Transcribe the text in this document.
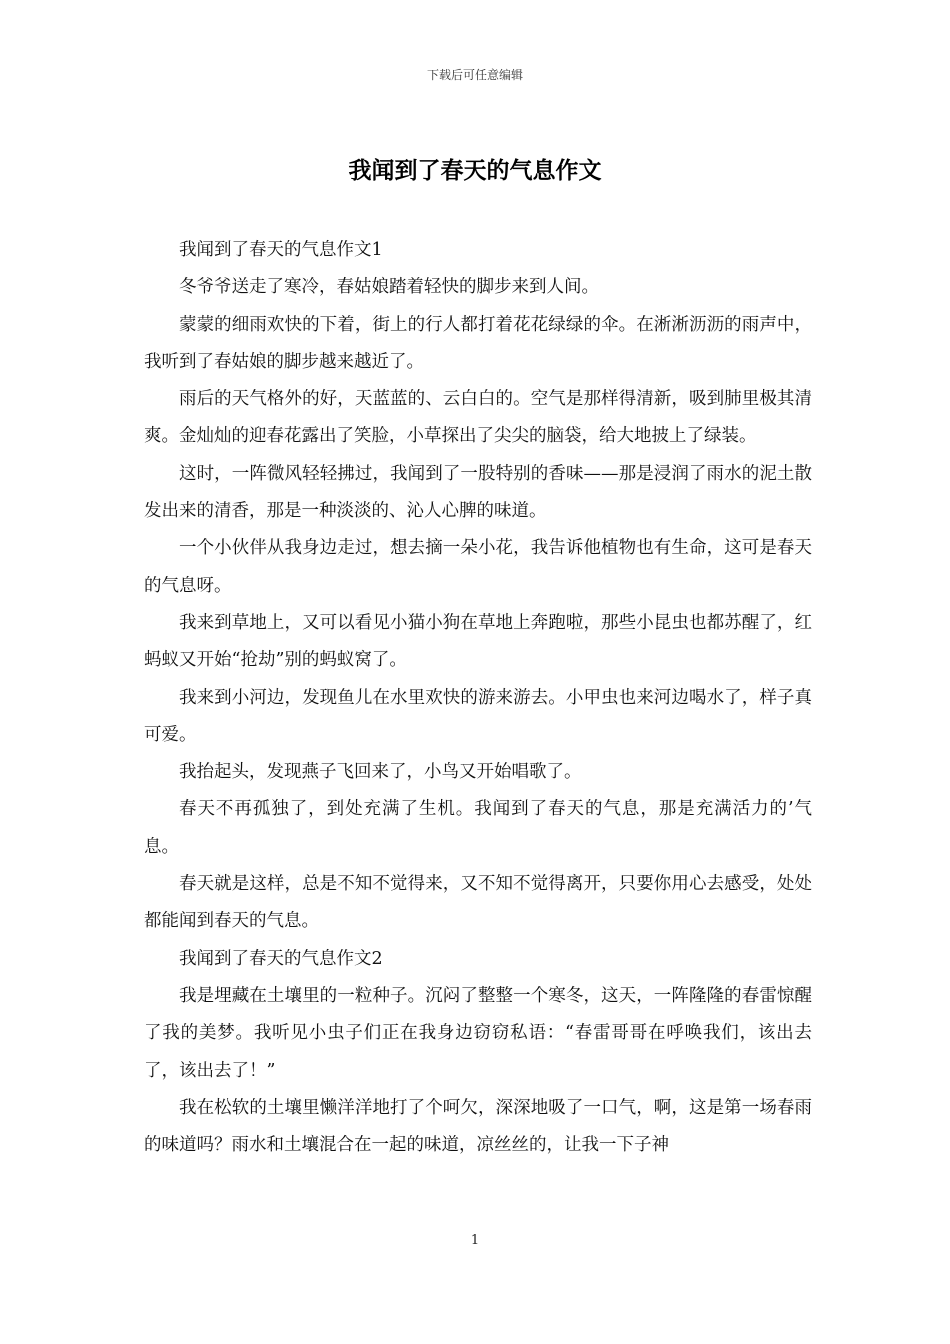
下载后可任意编辑
我闻到了春天的气息作文

我闻到了春天的气息作文1

冬爷爷送走了寒冷，春姑娘踏着轻快的脚步来到人间。

蒙蒙的细雨欢快的下着，街上的行人都打着花花绿绿的伞。在淅淅沥沥的雨声中，我听到了春姑娘的脚步越来越近了。

雨后的天气格外的好，天蓝蓝的、云白白的。空气是那样得清新，吸到肺里极其清爽。金灿灿的迎春花露出了笑脸，小草探出了尖尖的脑袋，给大地披上了绿装。

这时，一阵微风轻轻拂过，我闻到了一股特别的香味——那是浸润了雨水的泥土散发出来的清香，那是一种淡淡的、沁人心脾的味道。

一个小伙伴从我身边走过，想去摘一朵小花，我告诉他植物也有生命，这可是春天的气息呀。

我来到草地上，又可以看见小猫小狗在草地上奔跑啦，那些小昆虫也都苏醒了，红蚂蚁又开始“抢劫”别的蚂蚁窝了。

我来到小河边，发现鱼儿在水里欢快的游来游去。小甲虫也来河边喝水了，样子真可爱。

我抬起头，发现燕子飞回来了，小鸟又开始唱歌了。

春天不再孤独了，到处充满了生机。我闻到了春天的气息，那是充满活力的’气息。

春天就是这样，总是不知不觉得来，又不知不觉得离开，只要你用心去感受，处处都能闻到春天的气息。

我闻到了春天的气息作文2

我是埋藏在土壤里的一粒种子。沉闷了整整一个寒冬，这天，一阵隆隆的春雷惊醒了我的美梦。我听见小虫子们正在我身边窃窃私语：“春雷哥哥在呼唤我们，该出去了，该出去了！”

我在松软的土壤里懒洋洋地打了个呵欠，深深地吸了一口气，啊，这是第一场春雨的味道吗？雨水和土壤混合在一起的味道，凉丝丝的，让我一下子神

1
